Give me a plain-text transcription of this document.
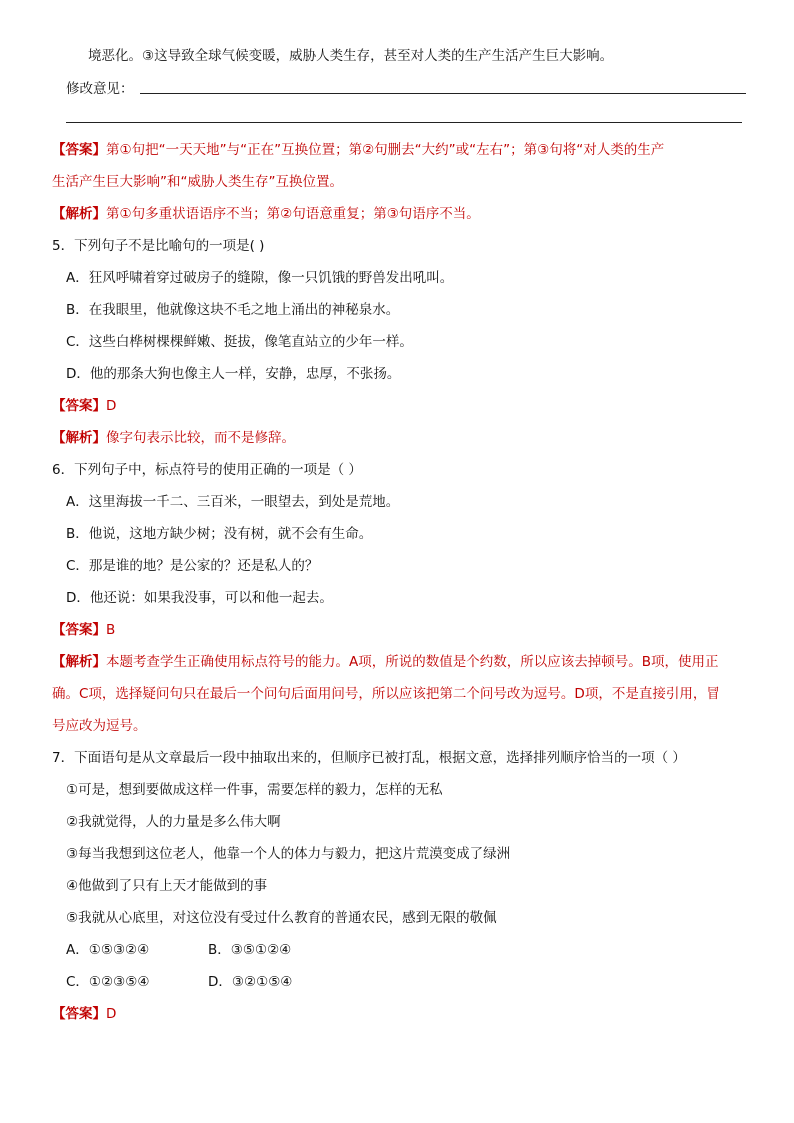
境恶化。③这导致全球气候变暖，威胁人类生存，甚至对人类的生产生活产生巨大影响。
修改意见：
【答案】第①句把“一天天地”与“正在”互换位置；第②句删去“大约”或“左右”；第③句将“对人类的生产
生活产生巨大影响”和“威胁人类生存”互换位置。
【解析】第①句多重状语语序不当；第②句语意重复；第③句语序不当。
5．下列句子不是比喻句的一项是( )
A．狂风呼啸着穿过破房子的缝隙，像一只饥饿的野兽发出吼叫。
B．在我眼里，他就像这块不毛之地上涌出的神秘泉水。
C．这些白桦树棵棵鲜嫩、挺拔，像笔直站立的少年一样。
D．他的那条大狗也像主人一样，安静，忠厚，不张扬。
【答案】D
【解析】像字句表示比较，而不是修辞。
6．下列句子中，标点符号的使用正确的一项是（ ）
A．这里海拔一千二、三百米，一眼望去，到处是荒地。
B．他说，这地方缺少树；没有树，就不会有生命。
C．那是谁的地？是公家的？还是私人的？
D．他还说：如果我没事，可以和他一起去。
【答案】B
【解析】本题考查学生正确使用标点符号的能力。A项，所说的数值是个约数，所以应该去掉顿号。B项，使用正
确。C项，选择疑问句只在最后一个问句后面用问号，所以应该把第二个问号改为逗号。D项，不是直接引用，冒
号应改为逗号。
7．下面语句是从文章最后一段中抽取出来的，但顺序已被打乱，根据文意，选择排列顺序恰当的一项（ ）
①可是，想到要做成这样一件事，需要怎样的毅力，怎样的无私
②我就觉得，人的力量是多么伟大啊
③每当我想到这位老人，他靠一个人的体力与毅力，把这片荒漠变成了绿洲
④他做到了只有上天才能做到的事
⑤我就从心底里，对这位没有受过什么教育的普通农民，感到无限的敬佩
A．①⑤③②④	B．③⑤①②④
C．①②③⑤④	D．③②①⑤④
【答案】D
